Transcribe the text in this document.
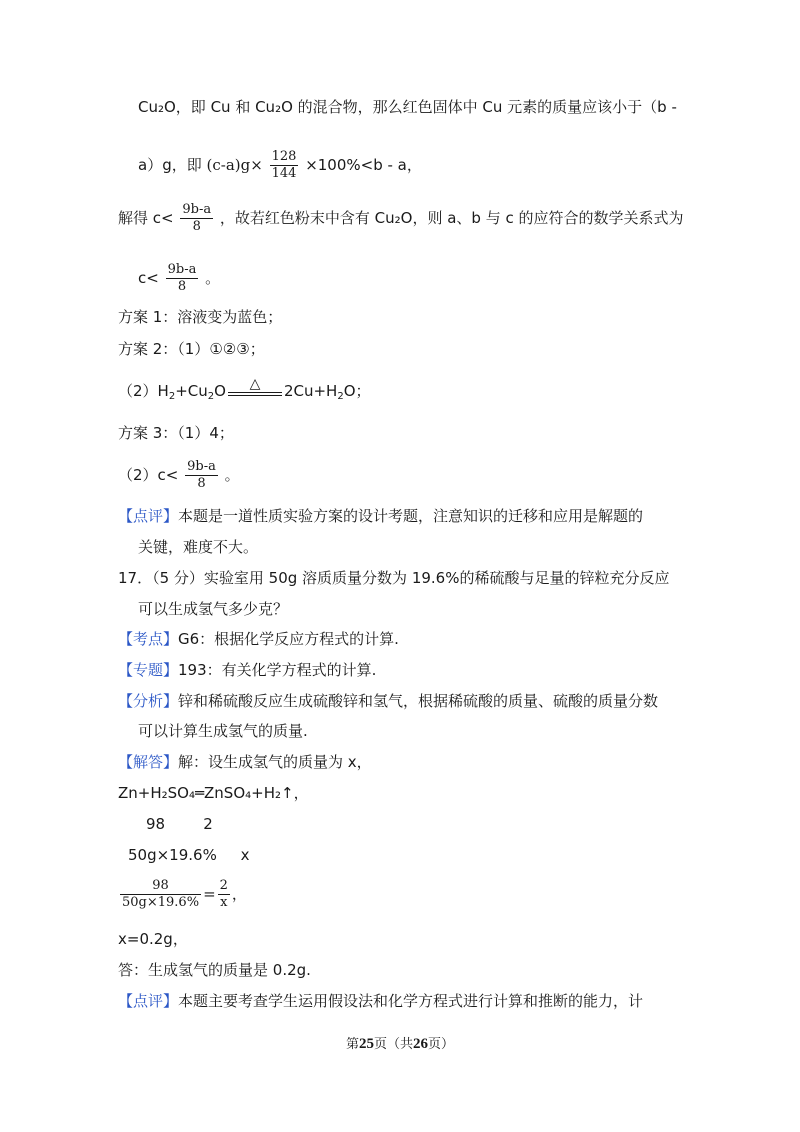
Cu₂O，即 Cu 和 Cu₂O 的混合物，那么红色固体中 Cu 元素的质量应该小于（b -
a）g，即 $(c-a)g\times \frac{128}{144} \times 100\%<b - a$，
解得 $c< \frac{9b-a}{8}$ ，故若红色粉末中含有 Cu₂O，则 a、b 与 c 的应符合的数学关系式为
$c< \frac{9b-a}{8}$ 。
方案 1：溶液变为蓝色；
方案 2：（1）①②③；
$(2)H_2+Cu_2O$	△	$2Cu+H_2O$；
方案 3：（1）4；
$(2)c< \frac{9b-a}{8}$ 。
【点评】本题是一道性质实验方案的设计考题，注意知识的迁移和应用是解题的
关键，难度不大。
17．（5 分）实验室用 50g 溶质质量分数为 19.6%的稀硫酸与足量的锌粒充分反应
可以生成氢气多少克？
【考点】G6：根据化学反应方程式的计算.
【专题】193：有关化学方程式的计算.
【分析】锌和稀硫酸反应生成硫酸锌和氢气，根据稀硫酸的质量、硫酸的质量分数
可以计算生成氢气的质量.
【解答】解：设生成氢气的质量为 x，
Zn+H₂SO₄═ZnSO₄+H₂↑，
98        2
50g×19.6%     x
$\frac{98}{50g\times 19.6\%} = \frac{2}{x}$ ，
x=0.2g，
答：生成氢气的质量是 0.2g.
【点评】本题主要考查学生运用假设法和化学方程式进行计算和推断的能力，计
第25页（共26页）
